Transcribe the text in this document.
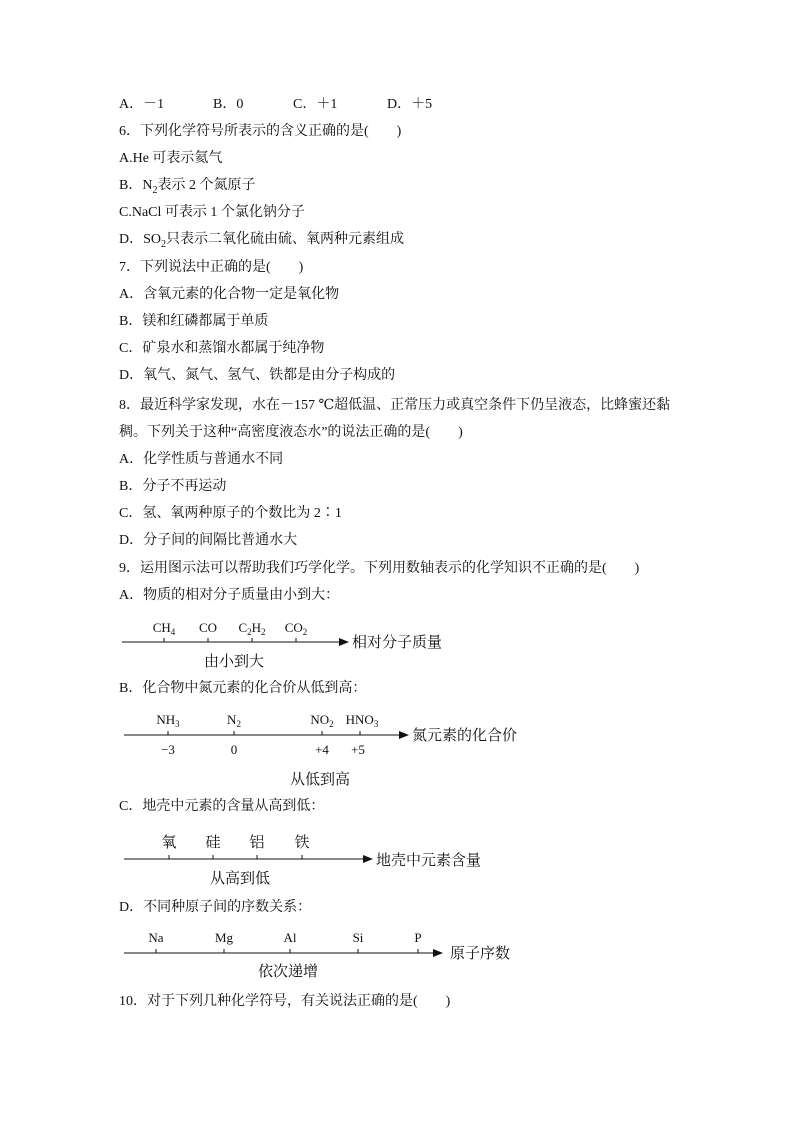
A．－1	B．0	C．＋1	D．＋5
6．下列化学符号所表示的含义正确的是(　　)
A.He 可表示氦气
B．$N_2$表示 2 个氮原子
C.NaCl 可表示 1 个氯化钠分子
D．$SO_2$只表示二氧化硫由硫、氧两种元素组成
7．下列说法中正确的是(　　)
A．含氧元素的化合物一定是氧化物
B．镁和红磷都属于单质
C．矿泉水和蒸馏水都属于纯净物
D．氧气、氮气、氢气、铁都是由分子构成的
8．最近科学家发现，水在－157 ℃超低温、正常压力或真空条件下仍呈液态，比蜂蜜还黏
稠。下列关于这种“高密度液态水”的说法正确的是(　　)
A．化学性质与普通水不同
B．分子不再运动
C．氢、氧两种原子的个数比为 2∶1
D．分子间的间隔比普通水大
9．运用图示法可以帮助我们巧学化学。下列用数轴表示的化学知识不正确的是(　　)
A．物质的相对分子质量由小到大：
$CH_4$ CO $C_2H_2$ $CO_2$
相对分子质量
由小到大
B．化合物中氮元素的化合价从低到高：
$NH_3$	$N_2$	$NO_2$ $HNO_3$
−3	0	+4 +5
氮元素的化合价
从低到高
C．地壳中元素的含量从高到低：
氧 硅 铝 铁
地壳中元素含量
从高到低
D．不同种原子间的序数关系：
Na	Mg	Al	Si	P
原子序数
依次递增
10．对于下列几种化学符号，有关说法正确的是(　　)
